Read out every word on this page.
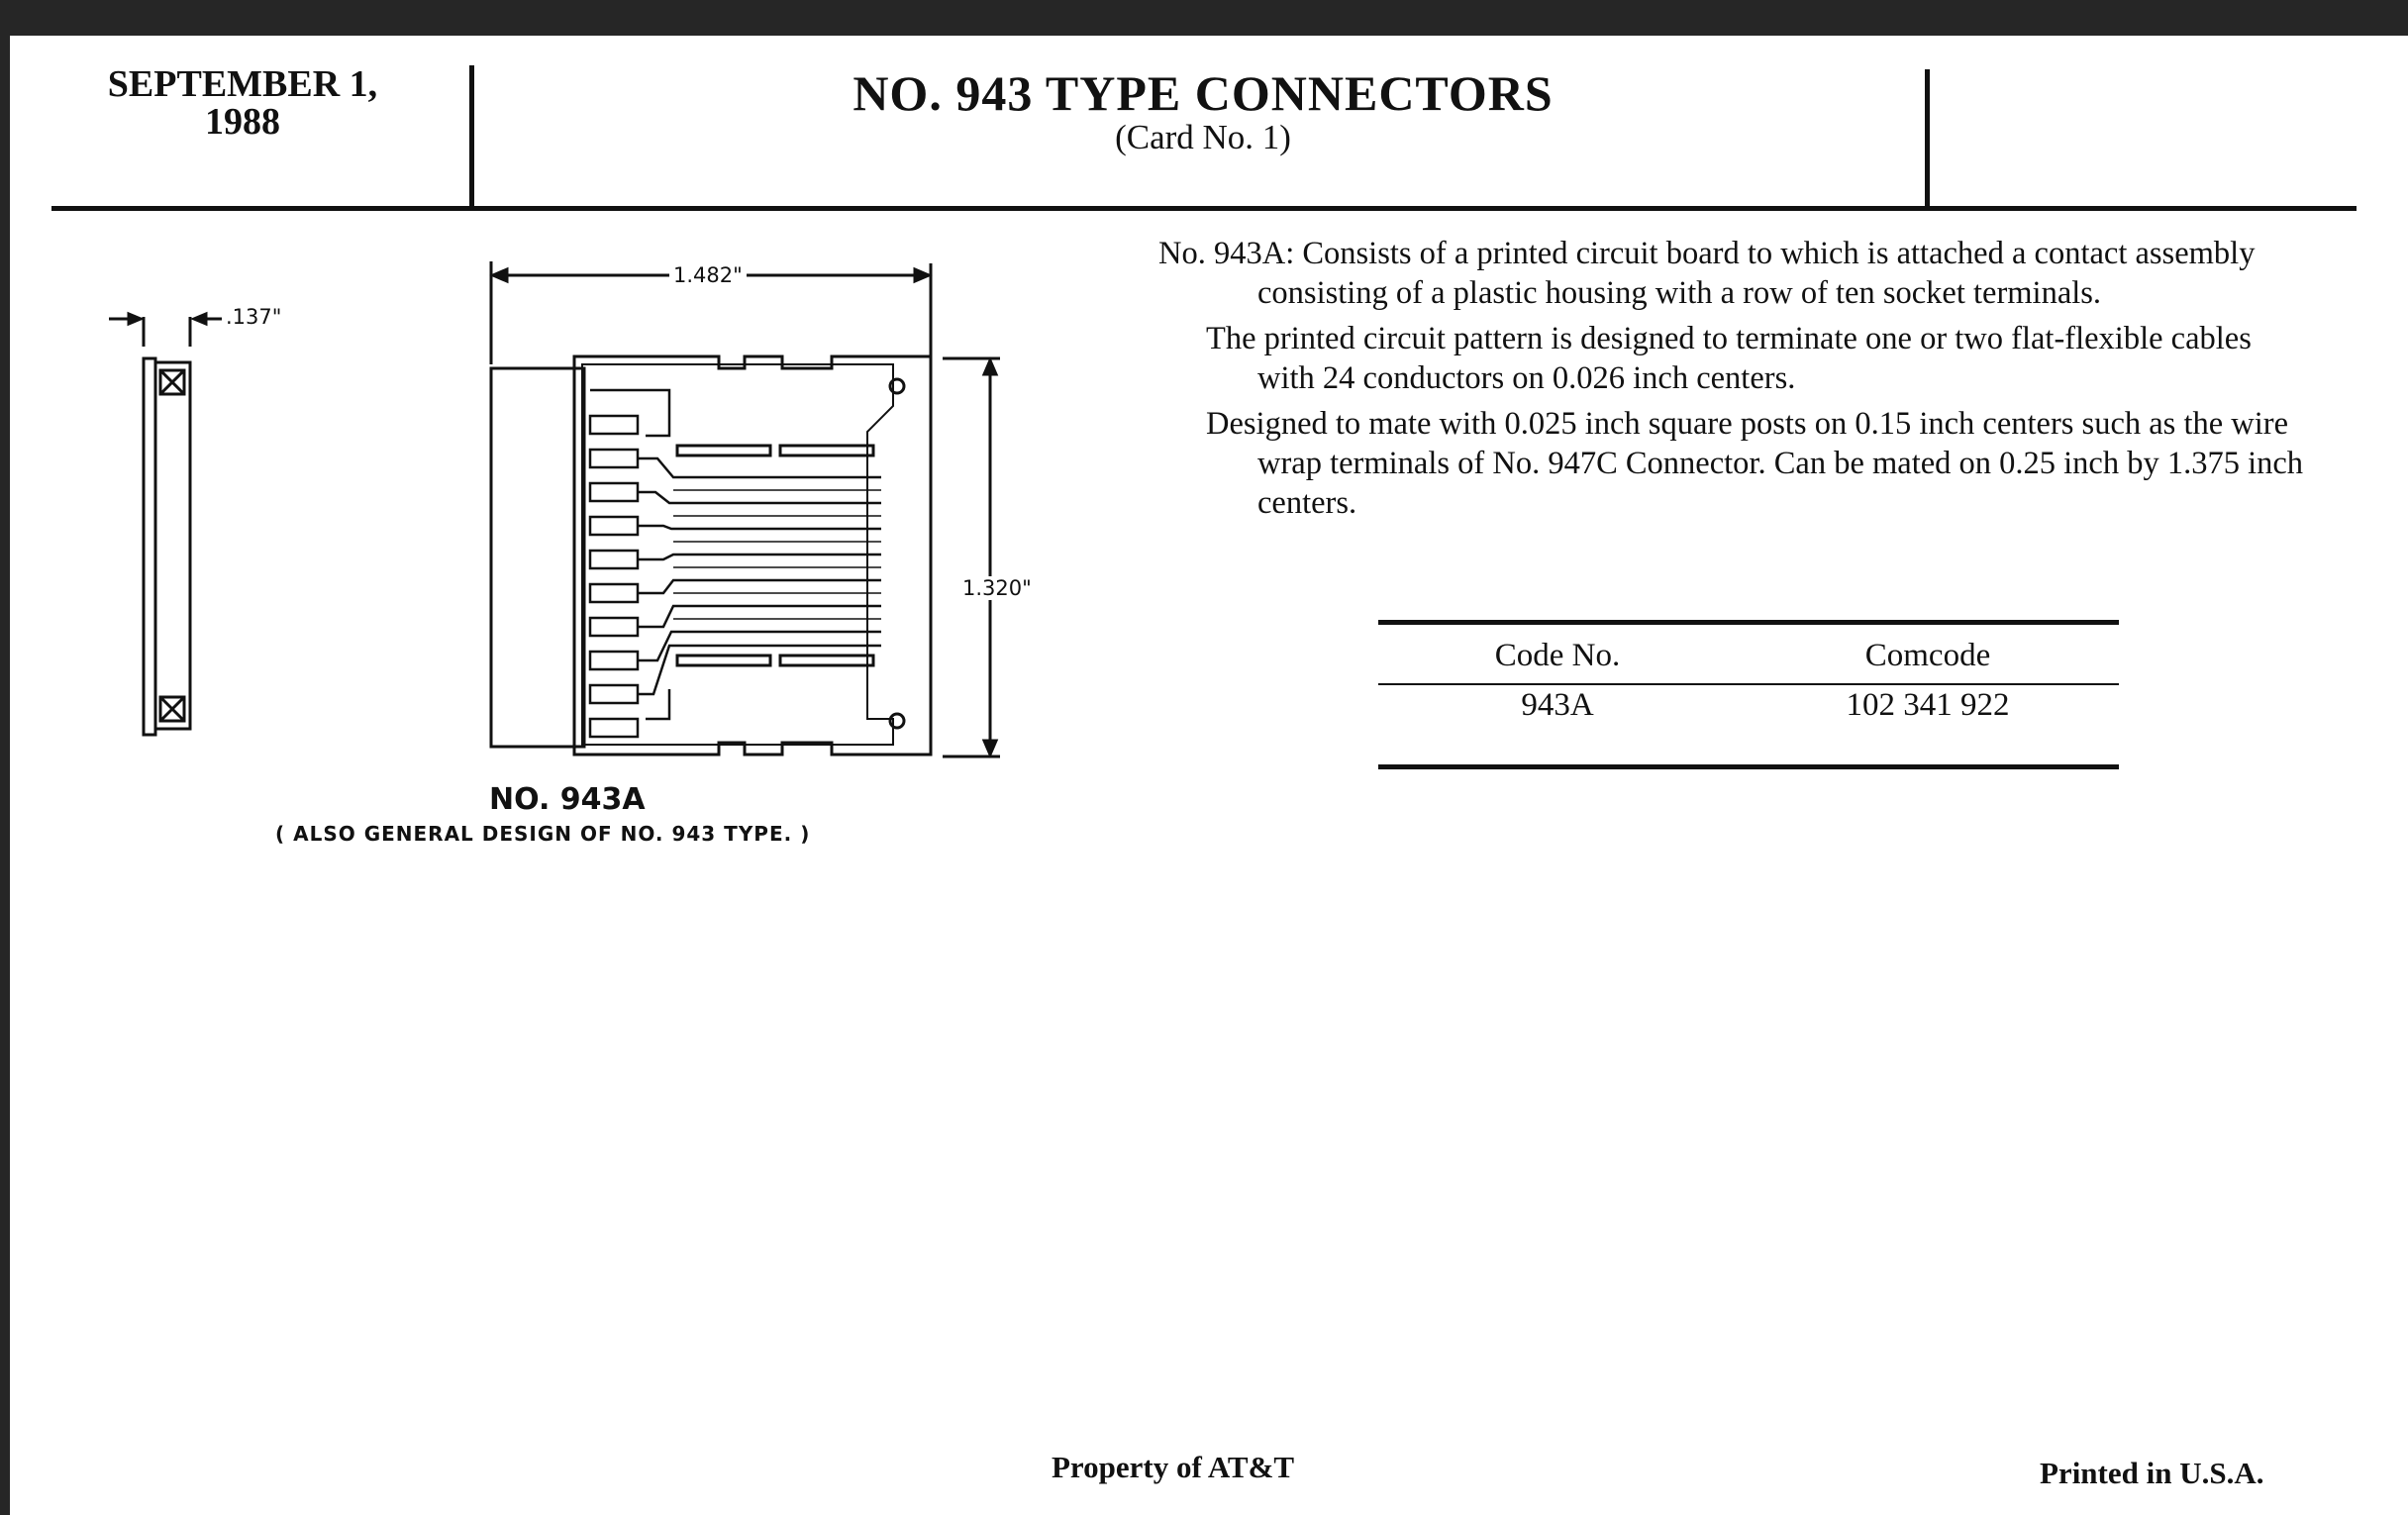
SEPTEMBER 1,
1988
NO. 943 TYPE CONNECTORS
(Card No. 1)
.137"
1.482"
1.320"
NO. 943A
( ALSO GENERAL DESIGN OF NO. 943 TYPE. )

No. 943A: Consists of a printed circuit board to which is attached a contact assembly consisting of a plastic housing with a row of ten socket terminals.

The printed circuit pattern is designed to terminate one or two flat-flexible cables with 24 conductors on 0.026 inch centers.

Designed to mate with 0.025 inch square posts on 0.15 inch centers such as the wire wrap terminals of No. 947C Connector. Can be mated on 0.25 inch by 1.375 inch centers.

Code No.	Comcode
943A	102 341 922
Property of AT&T	Printed in U.S.A.
